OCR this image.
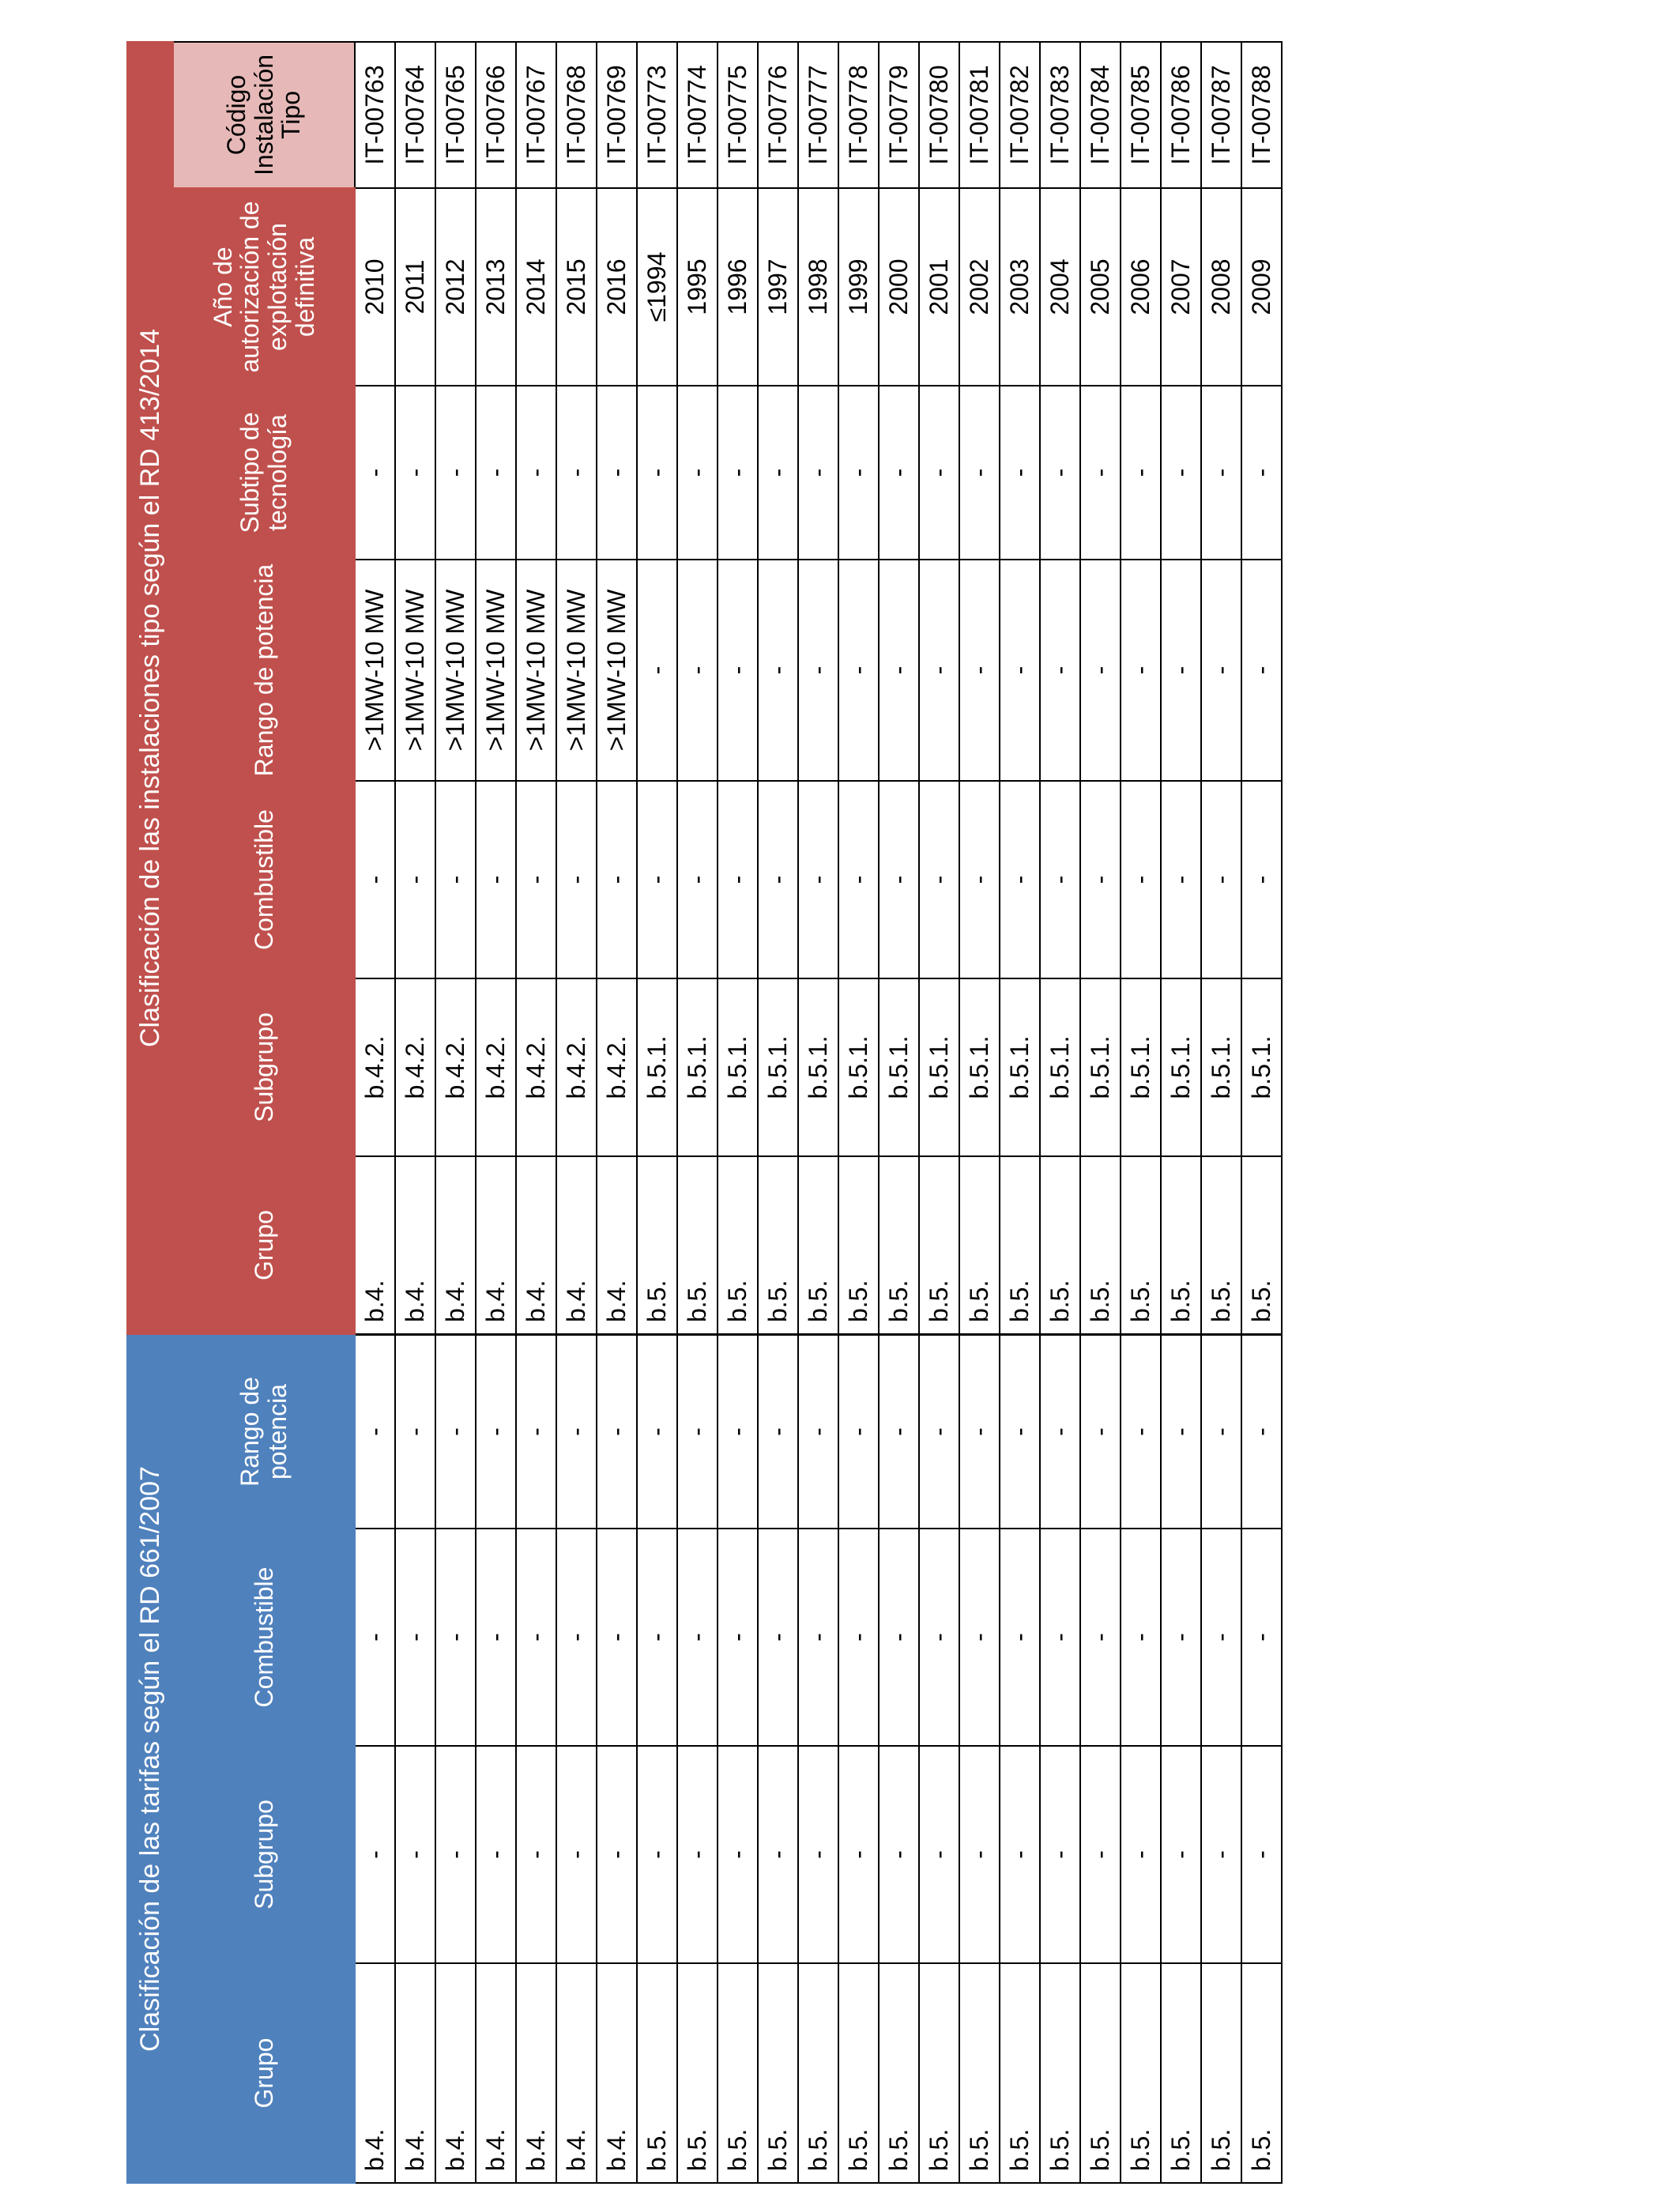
Clasificación de las tarifas según el RD 661/2007			
Grupo	Subgrupo	Combustible	Rango de potencia
b.4.	-	-	-
b.4.	-	-	-
b.4.	-	-	-
b.4.	-	-	-
b.4.	-	-	-
b.4.	-	-	-
b.4.	-	-	-
b.5.	-	-	-
b.5.	-	-	-
b.5.	-	-	-
b.5.	-	-	-
b.5.	-	-	-
b.5.	-	-	-
b.5.	-	-	-
b.5.	-	-	-
b.5.	-	-	-
b.5.	-	-	-
b.5.	-	-	-
b.5.	-	-	-
b.5.	-	-	-
b.5.	-	-	-
b.5.	-	-	-
b.5.	-	-	-
Clasificación de las instalaciones tipo según el RD 413/2014						
Grupo	Subgrupo	Combustible	Rango de potencia	Subtipo de tecnología	Año de autorización de explotación definitiva	Código Instalación Tipo
b.4.	b.4.2.	-	>1MW-10 MW	-	2010	IT-00763
b.4.	b.4.2.	-	>1MW-10 MW	-	2011	IT-00764
b.4.	b.4.2.	-	>1MW-10 MW	-	2012	IT-00765
b.4.	b.4.2.	-	>1MW-10 MW	-	2013	IT-00766
b.4.	b.4.2.	-	>1MW-10 MW	-	2014	IT-00767
b.4.	b.4.2.	-	>1MW-10 MW	-	2015	IT-00768
b.4.	b.4.2.	-	>1MW-10 MW	-	2016	IT-00769
b.5.	b.5.1.	-	-	-	≤1994	IT-00773
b.5.	b.5.1.	-	-	-	1995	IT-00774
b.5.	b.5.1.	-	-	-	1996	IT-00775
b.5.	b.5.1.	-	-	-	1997	IT-00776
b.5.	b.5.1.	-	-	-	1998	IT-00777
b.5.	b.5.1.	-	-	-	1999	IT-00778
b.5.	b.5.1.	-	-	-	2000	IT-00779
b.5.	b.5.1.	-	-	-	2001	IT-00780
b.5.	b.5.1.	-	-	-	2002	IT-00781
b.5.	b.5.1.	-	-	-	2003	IT-00782
b.5.	b.5.1.	-	-	-	2004	IT-00783
b.5.	b.5.1.	-	-	-	2005	IT-00784
b.5.	b.5.1.	-	-	-	2006	IT-00785
b.5.	b.5.1.	-	-	-	2007	IT-00786
b.5.	b.5.1.	-	-	-	2008	IT-00787
b.5.	b.5.1.	-	-	-	2009	IT-00788
